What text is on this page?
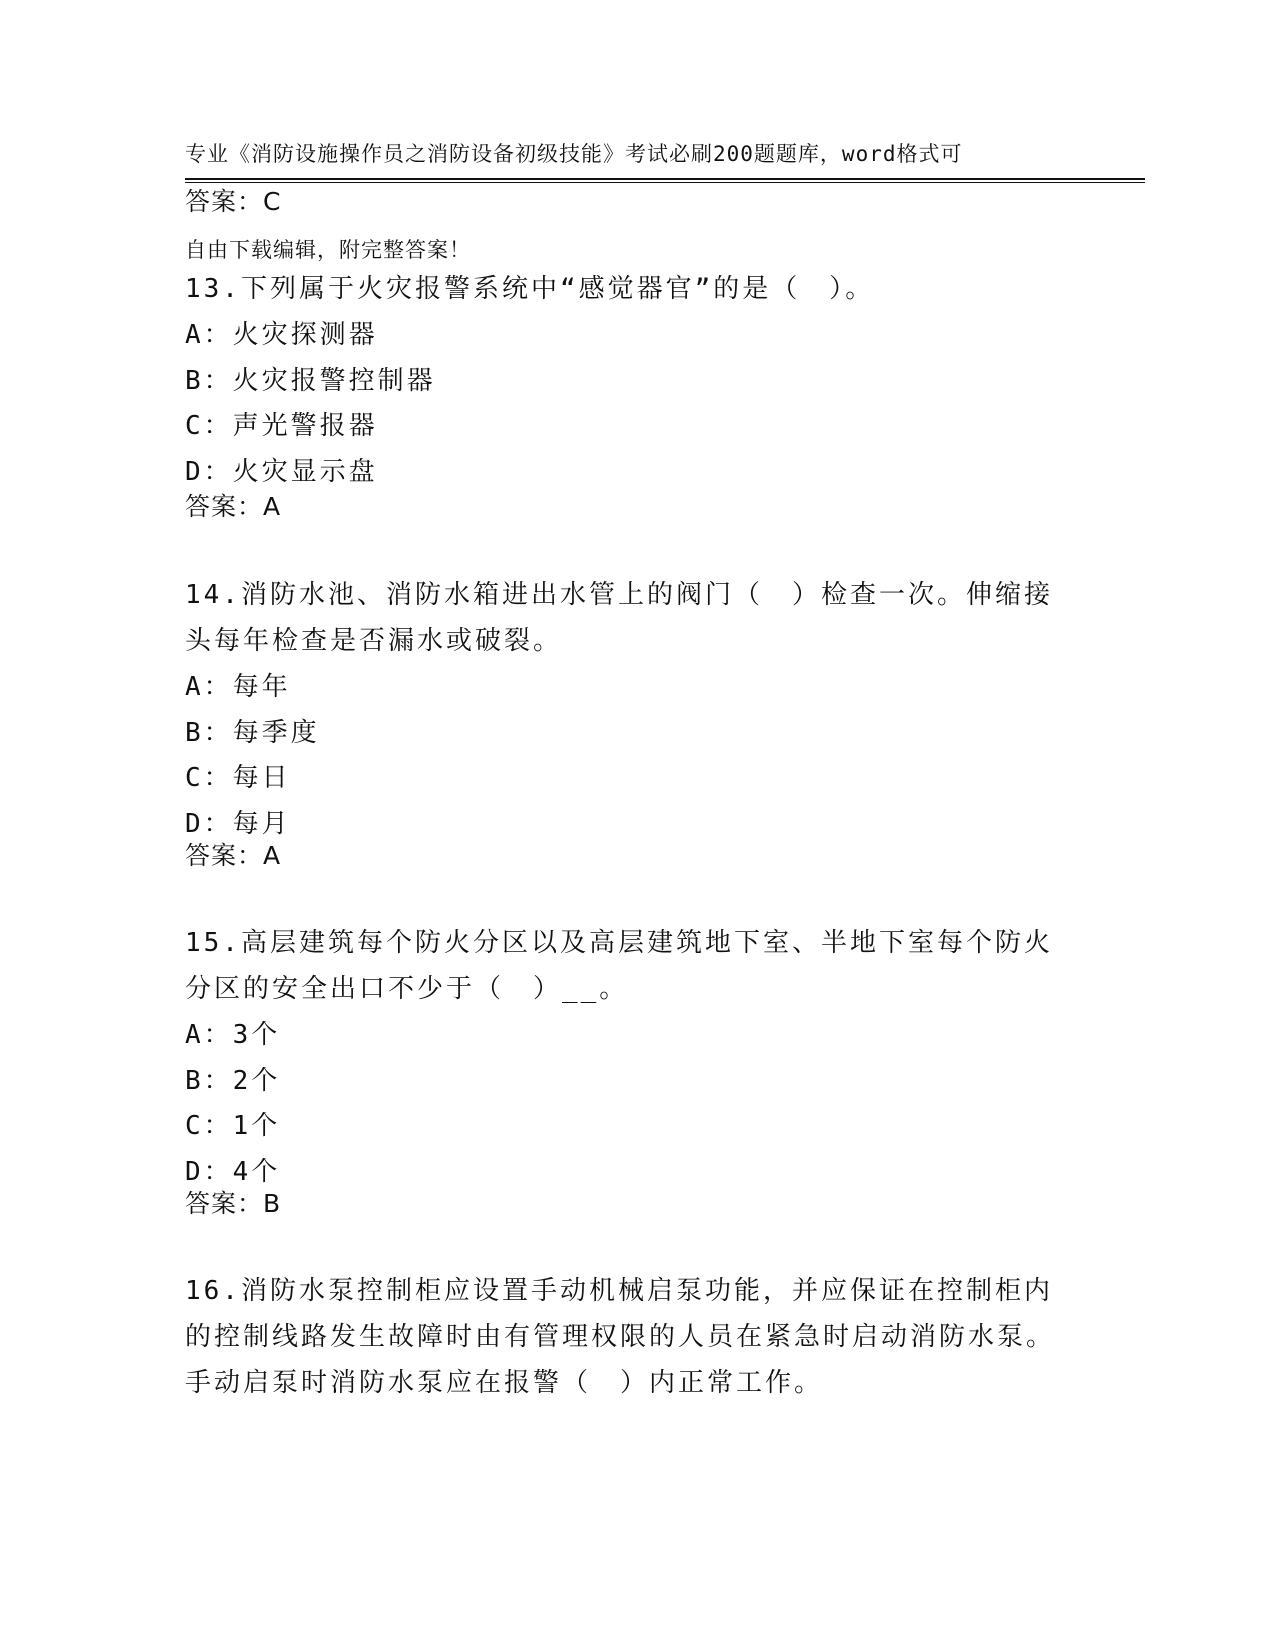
专业《消防设施操作员之消防设备初级技能》考试必刷200题题库，word格式可

自由下载编辑，附完整答案！

答案：C
13.下列属于火灾报警系统中“感觉器官”的是（　）。
A：火灾探测器
B：火灾报警控制器
C：声光警报器
D：火灾显示盘
答案：A
14.消防水池、消防水箱进出水管上的阀门（　）检查一次。伸缩接头每年检查是否漏水或破裂。
A：每年
B：每季度
C：每日
D：每月
答案：A
15.高层建筑每个防火分区以及高层建筑地下室、半地下室每个防火分区的安全出口不少于（　）__。
A：3个
B：2个
C：1个
D：4个
答案：B
16.消防水泵控制柜应设置手动机械启泵功能，并应保证在控制柜内的控制线路发生故障时由有管理权限的人员在紧急时启动消防水泵。手动启泵时消防水泵应在报警（　）内正常工作。
